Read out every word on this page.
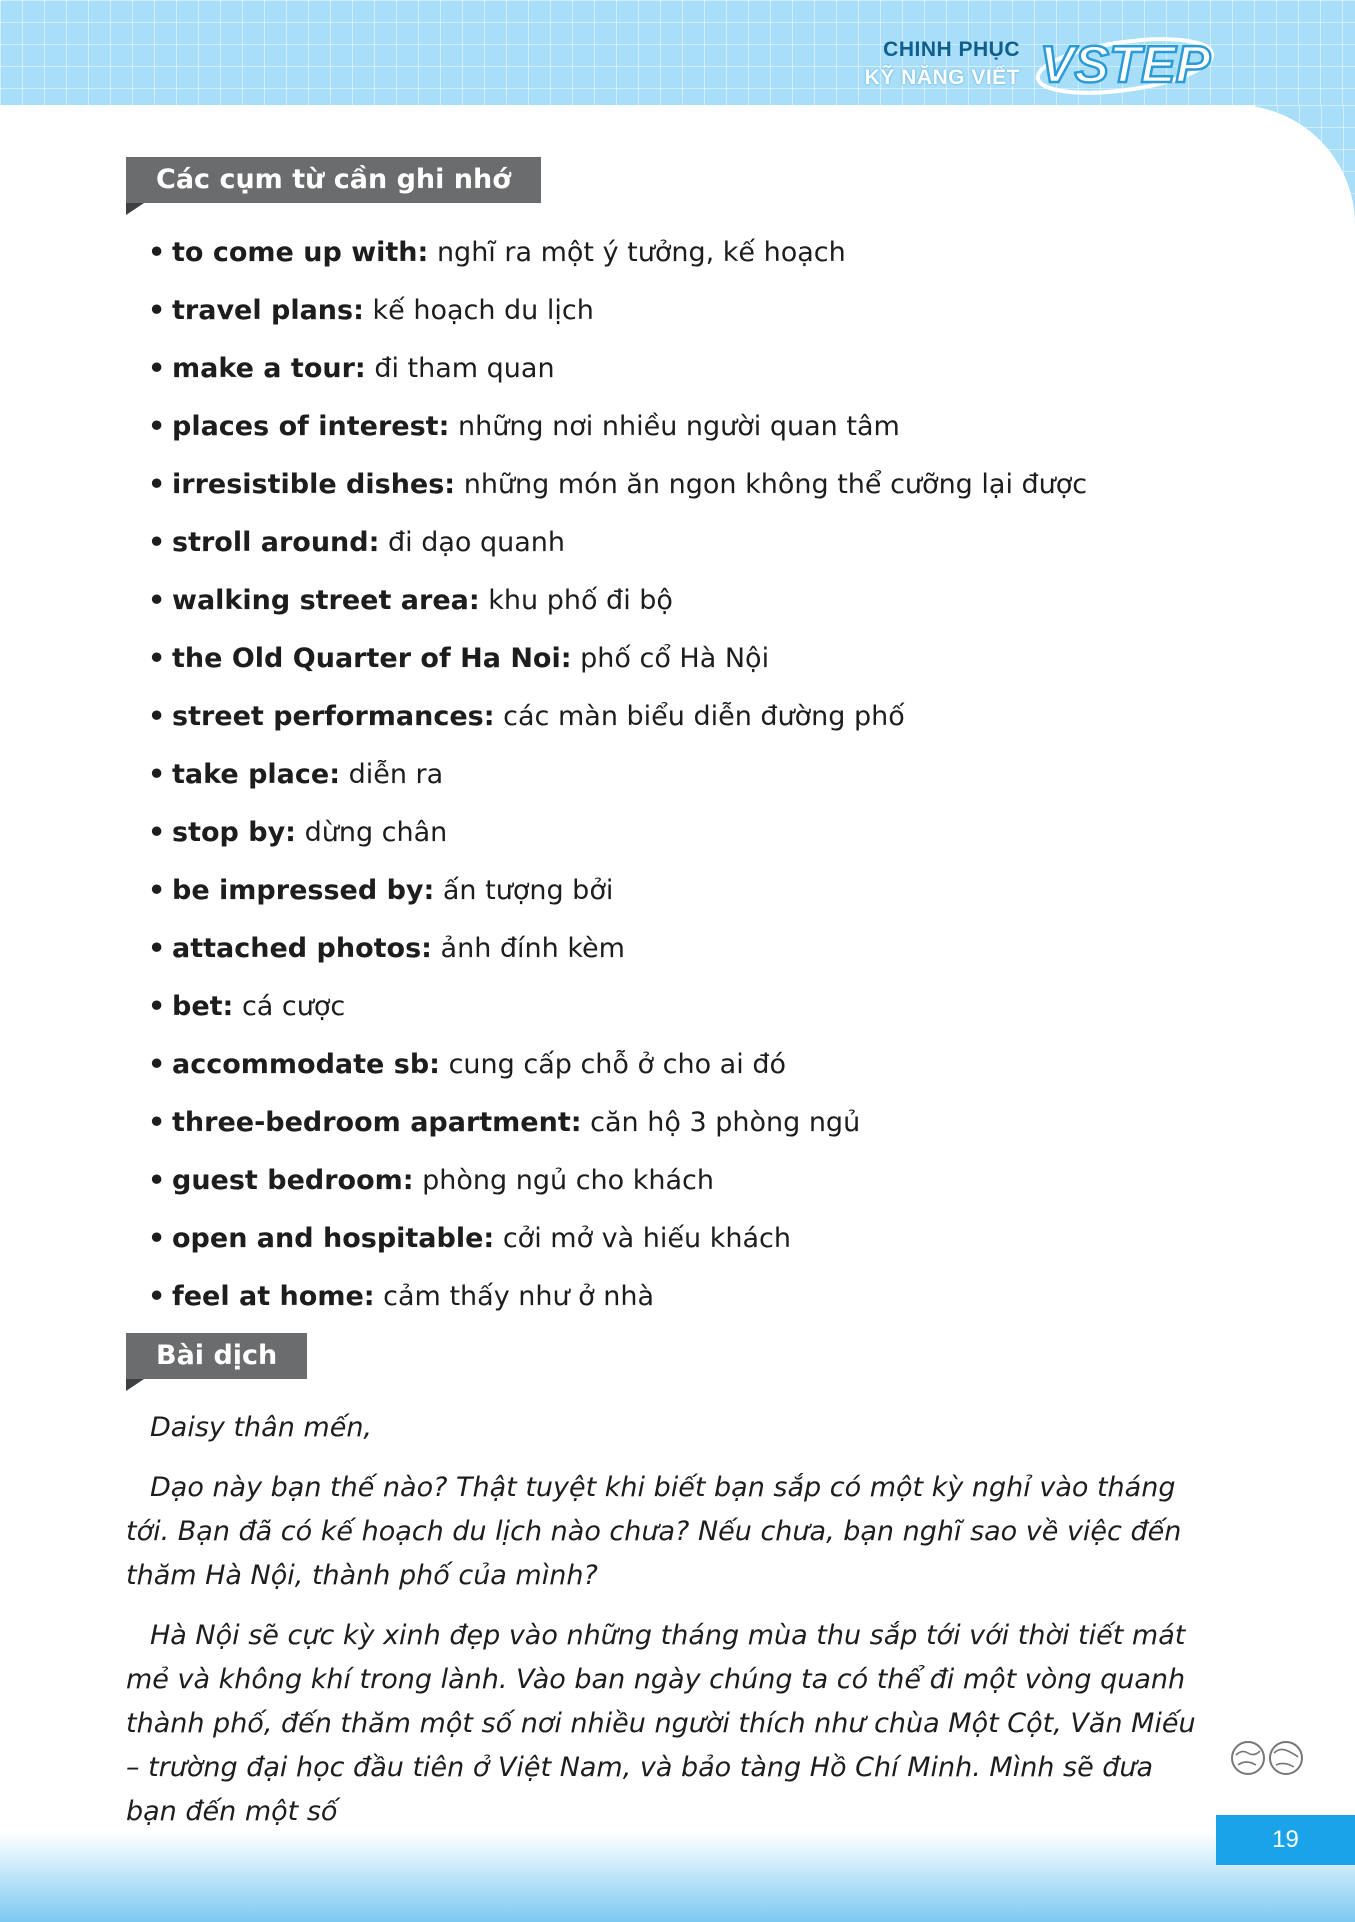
CHINH PHỤC
KỸ NĂNG VIẾT VSTEP
Các cụm từ cần ghi nhớ
• to come up with: nghĩ ra một ý tưởng, kế hoạch
• travel plans: kế hoạch du lịch
• make a tour: đi tham quan
• places of interest: những nơi nhiều người quan tâm
• irresistible dishes: những món ăn ngon không thể cưỡng lại được
• stroll around: đi dạo quanh
• walking street area: khu phố đi bộ
• the Old Quarter of Ha Noi: phố cổ Hà Nội
• street performances: các màn biểu diễn đường phố
• take place: diễn ra
• stop by: dừng chân
• be impressed by: ấn tượng bởi
• attached photos: ảnh đính kèm
• bet: cá cược
• accommodate sb: cung cấp chỗ ở cho ai đó
• three-bedroom apartment: căn hộ 3 phòng ngủ
• guest bedroom: phòng ngủ cho khách
• open and hospitable: cởi mở và hiếu khách
• feel at home: cảm thấy như ở nhà
Bài dịch

Daisy thân mến,

Dạo này bạn thế nào? Thật tuyệt khi biết bạn sắp có một kỳ nghỉ vào tháng tới. Bạn đã có kế hoạch du lịch nào chưa? Nếu chưa, bạn nghĩ sao về việc đến thăm Hà Nội, thành phố của mình?

Hà Nội sẽ cực kỳ xinh đẹp vào những tháng mùa thu sắp tới với thời tiết mát mẻ và không khí trong lành. Vào ban ngày chúng ta có thể đi một vòng quanh thành phố, đến thăm một số nơi nhiều người thích như chùa Một Cột, Văn Miếu – trường đại học đầu tiên ở Việt Nam, và bảo tàng Hồ Chí Minh. Mình sẽ đưa bạn đến một số

19
